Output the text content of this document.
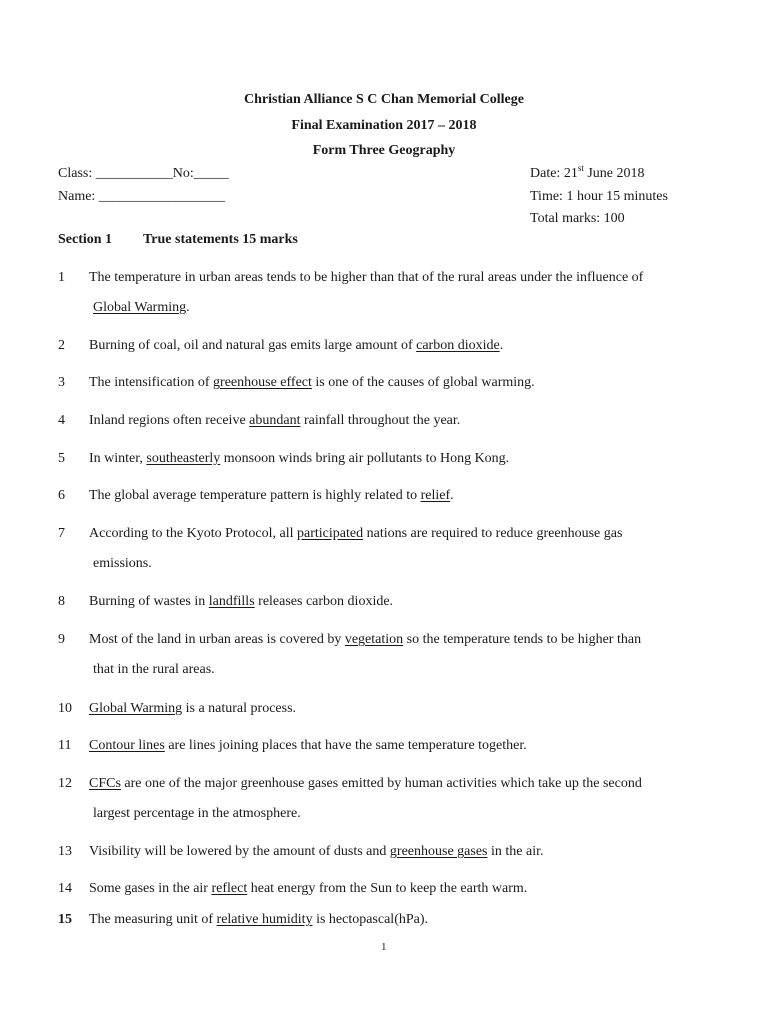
Christian Alliance S C Chan Memorial College
Final Examination 2017 – 2018
Form Three Geography
Class: ___________No:_____
Name: __________________
Date: 21st June 2018
Time: 1 hour 15 minutes
Total marks: 100
Section 1 True statements 15 marks
1 The temperature in urban areas tends to be higher than that of the rural areas under the influence of
Global Warming.
2 Burning of coal, oil and natural gas emits large amount of carbon dioxide.
3 The intensification of greenhouse effect is one of the causes of global warming.
4 Inland regions often receive abundant rainfall throughout the year.
5 In winter, southeasterly monsoon winds bring air pollutants to Hong Kong.
6 The global average temperature pattern is highly related to relief.
7 According to the Kyoto Protocol, all participated nations are required to reduce greenhouse gas
emissions.
8 Burning of wastes in landfills releases carbon dioxide.
9 Most of the land in urban areas is covered by vegetation so the temperature tends to be higher than
that in the rural areas.
10 Global Warming is a natural process.
11 Contour lines are lines joining places that have the same temperature together.
12 CFCs are one of the major greenhouse gases emitted by human activities which take up the second
largest percentage in the atmosphere.
13 Visibility will be lowered by the amount of dusts and greenhouse gases in the air.
14 Some gases in the air reflect heat energy from the Sun to keep the earth warm.
15 The measuring unit of relative humidity is hectopascal(hPa).
1
